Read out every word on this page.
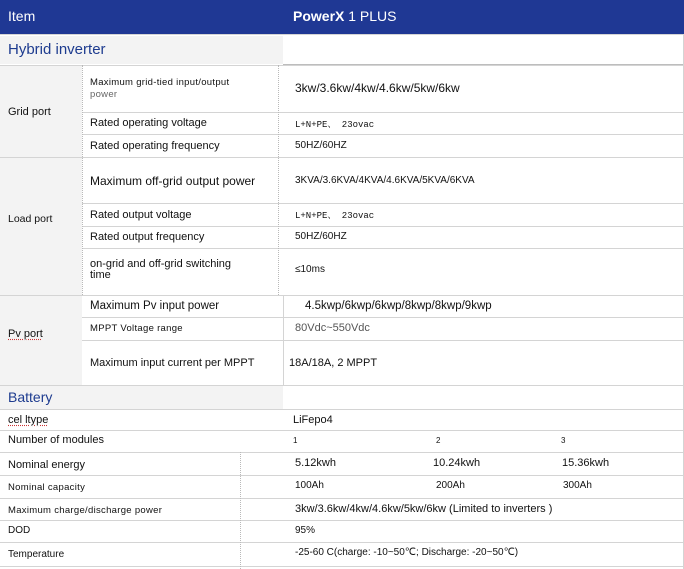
Item	PowerX 1 PLUS
Hybrid inverter
Battery
Grid port
Maximum grid-tied input/output
power	3kw/3.6kw/4kw/4.6kw/5kw/6kw
Rated operating voltage	L+N+PE、 23ovac
Rated operating frequency	50HZ/60HZ
Load port
Maximum off-grid output power	3KVA/3.6KVA/4KVA/4.6KVA/5KVA/6KVA
Rated output voltage	L+N+PE、 23ovac
Rated output frequency	50HZ/60HZ
on-grid and off-grid switching
time	≤10ms
Pv port
Maximum Pv input power	4.5kwp/6kwp/6kwp/8kwp/8kwp/9kwp
MPPT Voltage range	80Vdc~550Vdc
Maximum input current per MPPT	18A/18A, 2 MPPT
cel ltype	LiFepo4
Number of modules	1	2	3
Nominal energy	5.12kwh	10.24kwh	15.36kwh
Nominal capacity	100Ah	200Ah	300Ah
Maximum charge/discharge power	3kw/3.6kw/4kw/4.6kw/5kw/6kw (Limited to inverters )
DOD	95%
Temperature	-25-60 C(charge: -10~50℃; Discharge: -20~50℃)
